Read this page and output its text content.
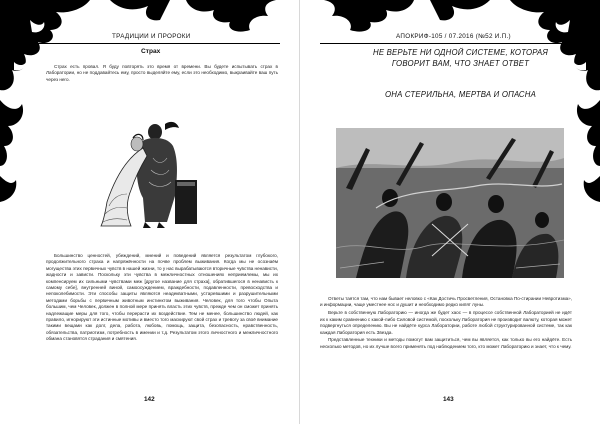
ТРАДИЦИИ И ПРОРОКИ
Страх

Страх есть провал. Я буду повторять это время от времени. Вы будете испытывать страх в Лаборатории, но не поддавайтесь ему, просто выделяйте ему, если это необходимо, выкраивайте ваш путь через него.

Большинство ценностей, убеждений, мнений и поведений является результатом глубокого, продолжительного страха и напряжённости на почве проблем выживания. Когда мы не осознаём могущества этих первичных чувств в нашей жизни, то у нас вырабатываются вторичные чувства ненависти, жадности и зависти. Поскольку эти чувства в межличностных отношениях неприемлемы, мы их компенсируем их сильными чувствами меж [другое название для страха], обратившегося в ненависть к самому себе], внутренней виной, самоосуждением, враждебности, подавленности, превосходства и непоколебимости. Эти способы защиты являются неадекватными, устаревшими и разрушительными методами борьбы с первичным животным инстинктом выживания. Человек, для того чтобы Опыта большим, чем Человек, должен в полной мере принять власть этих чувств, прежде чем он сможет принять надлежащие меры для того, чтобы перерасти их воздействие. Тем не менее, большинство людей, как правило, игнорируют эти истинные мотивы и вместо того маскируют свой страх и тревогу за своё внимание такими вещами как долг, дела, работа, любовь, помощь, защита, безопасность, нравственность, обязательства, патриотизм, потребность в имении и т.д. Результатом этого личностного и межличностного обмана становятся страдания и смятения.

142
АПОКРИФ-105 / 07.2016 (№52 И.П.)
НЕ ВЕРЬТЕ НИ ОДНОЙ СИСТЕМЕ, КОТОРАЯ ГОВОРИТ ВАМ, ЧТО ЗНАЕТ ОТВЕТ
ОНА СТЕРИЛЬНА, МЕРТВА И ОПАСНА

Ответы таятся там, что нам бывает неловко с «Как Достичь Просветления, Остановка По-стирании Невротизма», и информации, чаще уместнее нос и душит и необходимо редко кипят луны.

Верьте в собственную Лабораторию — иногда же будет хаос — в процессе собственной Лабораторией не идёт их к каким сравнению с какой-либо Силовой системой, поскольку Лаборатория не производит валюту, которая может подвергнуться определению. Вы не найдёте курса Лаборатории, работе любой структурированной системе, так как каждая Лаборатория есть Звезда.

Представленные техники и методы помогут вам защититься, чем вы является, как только вы его найдёте. Есть несколько методов, но их лучше всего применять под наблюдением того, кто может Лабораторию и знает, что к чему.

143
